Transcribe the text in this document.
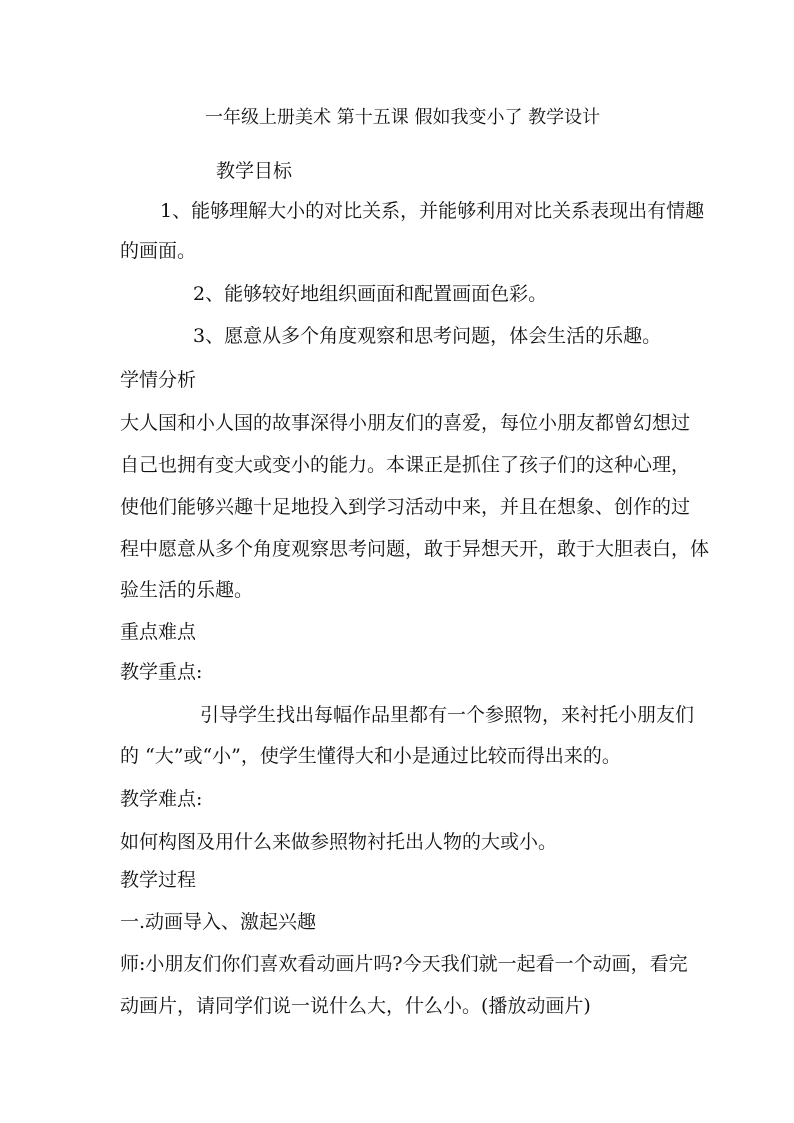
一年级上册美术 第十五课 假如我变小了 教学设计
教学目标
1、能够理解大小的对比关系，并能够利用对比关系表现出有情趣
的画面。
2、能够较好地组织画面和配置画面色彩。
3、愿意从多个角度观察和思考问题，体会生活的乐趣。
学情分析
大人国和小人国的故事深得小朋友们的喜爱，每位小朋友都曾幻想过
自己也拥有变大或变小的能力。本课正是抓住了孩子们的这种心理，
使他们能够兴趣十足地投入到学习活动中来，并且在想象、创作的过
程中愿意从多个角度观察思考问题，敢于异想天开，敢于大胆表白，体
验生活的乐趣。
重点难点
教学重点:
引导学生找出每幅作品里都有一个参照物，来衬托小朋友们
的 “大”或“小”，使学生懂得大和小是通过比较而得出来的。
教学难点:
如何构图及用什么来做参照物衬托出人物的大或小。
教学过程
一.动画导入、激起兴趣
师:小朋友们你们喜欢看动画片吗?今天我们就一起看一个动画，看完
动画片，请同学们说一说什么大，什么小。(播放动画片)
